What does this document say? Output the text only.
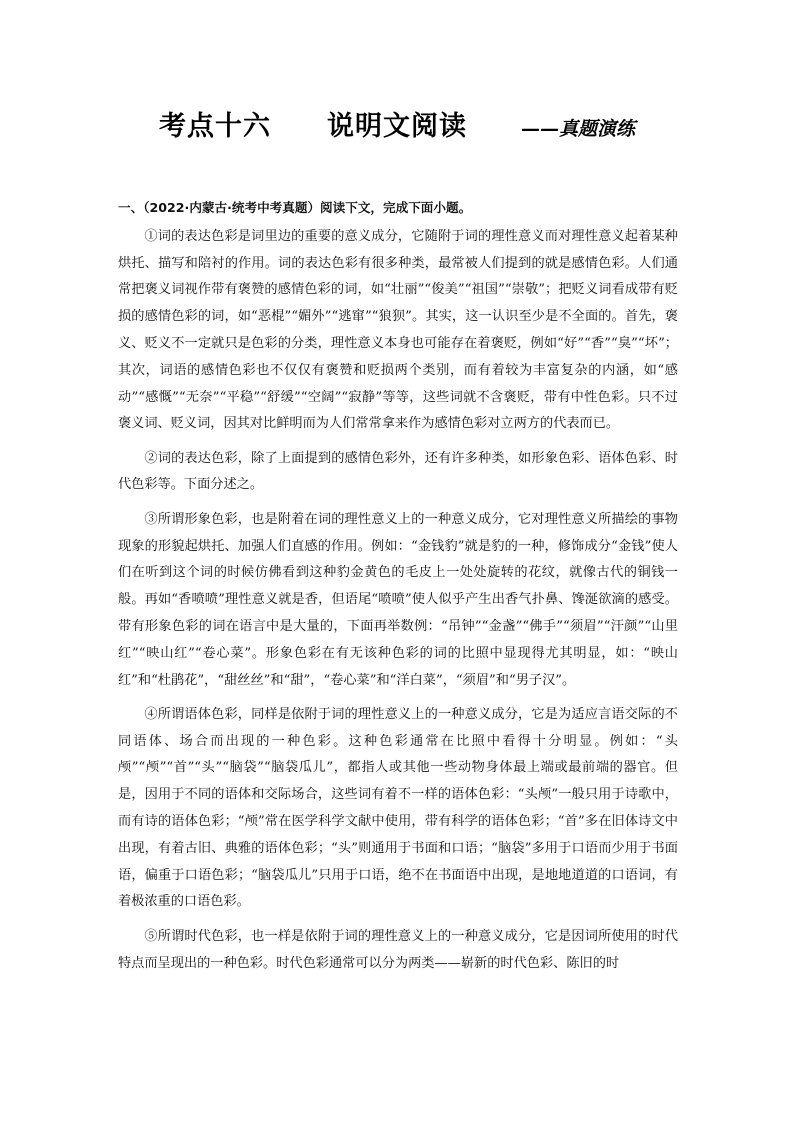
考点十六　　说明文阅读	——真题演练
一、（2022·内蒙古·统考中考真题）阅读下文，完成下面小题。
①词的表达色彩是词里边的重要的意义成分，它随附于词的理性意义而对理性意义起着某种烘托、描写和陪衬的作用。词的表达色彩有很多种类，最常被人们提到的就是感情色彩。人们通常把褒义词视作带有褒赞的感情色彩的词，如“壮丽”“俊美”“祖国”“崇敬”；把贬义词看成带有贬损的感情色彩的词，如“恶棍”“媚外”“逃窜”“狼狈”。其实，这一认识至少是不全面的。首先，褒义、贬义不一定就只是色彩的分类，理性意义本身也可能存在着褒贬，例如“好”“香”“臭”“坏”；其次，词语的感情色彩也不仅仅有褒赞和贬损两个类别，而有着较为丰富复杂的内涵，如“感动”“感慨”“无奈”“平稳”“舒缓”“空阔”“寂静”等等，这些词就不含褒贬，带有中性色彩。只不过褒义词、贬义词，因其对比鲜明而为人们常常拿来作为感情色彩对立两方的代表而已。
②词的表达色彩，除了上面提到的感情色彩外，还有许多种类，如形象色彩、语体色彩、时代色彩等。下面分述之。
③所谓形象色彩，也是附着在词的理性意义上的一种意义成分，它对理性意义所描绘的事物现象的形貌起烘托、加强人们直感的作用。例如：“金钱豹”就是豹的一种，修饰成分“金钱”使人们在听到这个词的时候仿佛看到这种豹金黄色的毛皮上一处处旋转的花纹，就像古代的铜钱一般。再如“香喷喷”理性意义就是香，但语尾“喷喷”使人似乎产生出香气扑鼻、馋涎欲滴的感受。带有形象色彩的词在语言中是大量的，下面再举数例：“吊钟”“金盏”“佛手”“须眉”“汗颜”“山里红”“映山红”“卷心菜”。形象色彩在有无该种色彩的词的比照中显现得尤其明显，如：“映山红”和“杜鹃花”，“甜丝丝”和“甜”，“卷心菜”和“洋白菜”，“须眉”和“男子汉”。
④所谓语体色彩，同样是依附于词的理性意义上的一种意义成分，它是为适应言语交际的不同语体、场合而出现的一种色彩。这种色彩通常在比照中看得十分明显。例如：“头颅”“颅”“首”“头”“脑袋”“脑袋瓜儿”，都指人或其他一些动物身体最上端或最前端的器官。但是，因用于不同的语体和交际场合，这些词有着不一样的语体色彩：“头颅”一般只用于诗歌中，而有诗的语体色彩；“颅”常在医学科学文献中使用，带有科学的语体色彩；“首”多在旧体诗文中出现，有着古旧、典雅的语体色彩；“头”则通用于书面和口语；“脑袋”多用于口语而少用于书面语，偏重于口语色彩；“脑袋瓜儿”只用于口语，绝不在书面语中出现，是地地道道的口语词，有着极浓重的口语色彩。
⑤所谓时代色彩，也一样是依附于词的理性意义上的一种意义成分，它是因词所使用的时代特点而呈现出的一种色彩。时代色彩通常可以分为两类——崭新的时代色彩、陈旧的时
